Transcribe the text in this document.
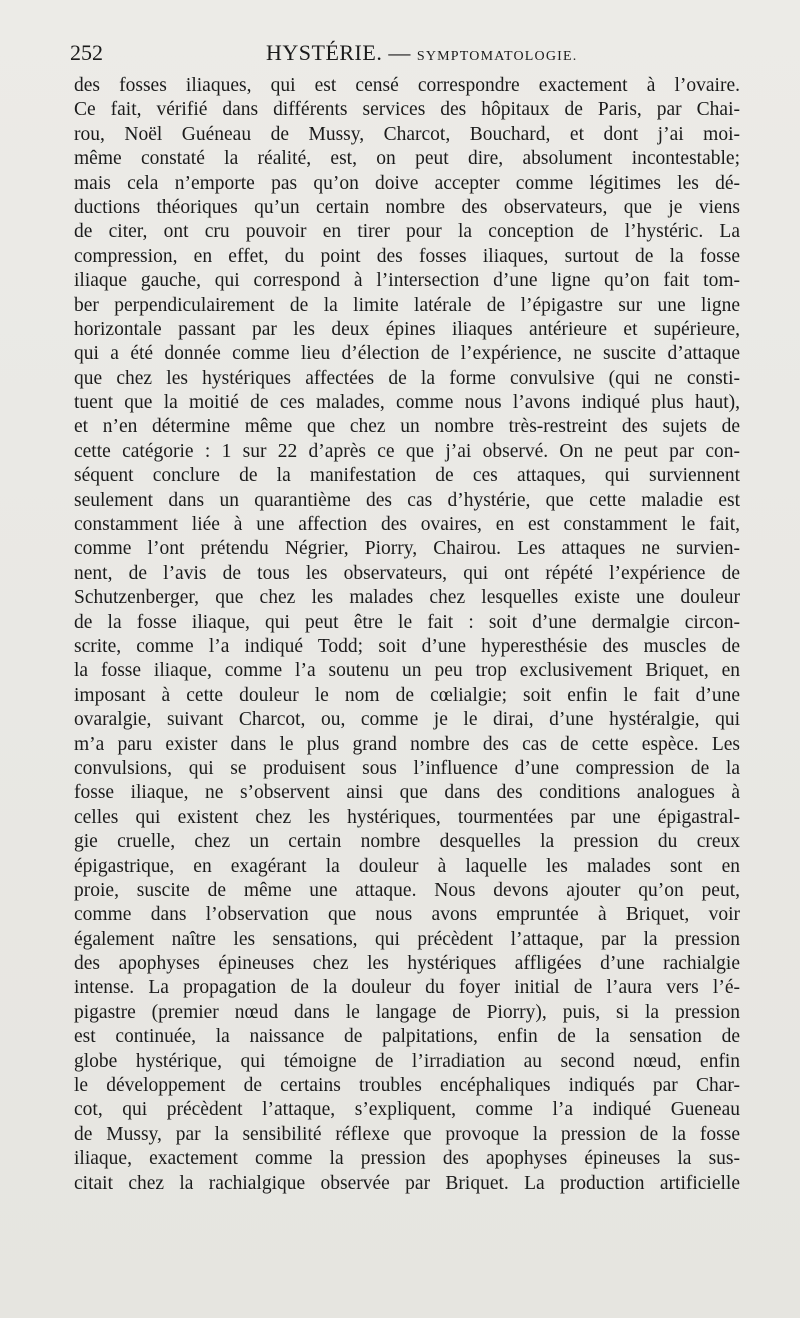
252	HYSTÉRIE. — SYMPTOMATOLOGIE.
des fosses iliaques, qui est censé correspondre exactement à l’ovaire.
Ce fait, vérifié dans différents services des hôpitaux de Paris, par Chai-
rou, Noël Guéneau de Mussy, Charcot, Bouchard, et dont j’ai moi-
même constaté la réalité, est, on peut dire, absolument incontestable;
mais cela n’emporte pas qu’on doive accepter comme légitimes les dé-
ductions théoriques qu’un certain nombre des observateurs, que je viens
de citer, ont cru pouvoir en tirer pour la conception de l’hystéric. La
compression, en effet, du point des fosses iliaques, surtout de la fosse
iliaque gauche, qui correspond à l’intersection d’une ligne qu’on fait tom-
ber perpendiculairement de la limite latérale de l’épigastre sur une ligne
horizontale passant par les deux épines iliaques antérieure et supérieure,
qui a été donnée comme lieu d’élection de l’expérience, ne suscite d’attaque
que chez les hystériques affectées de la forme convulsive (qui ne consti-
tuent que la moitié de ces malades, comme nous l’avons indiqué plus haut),
et n’en détermine même que chez un nombre très-restreint des sujets de
cette catégorie : 1 sur 22 d’après ce que j’ai observé. On ne peut par con-
séquent conclure de la manifestation de ces attaques, qui surviennent
seulement dans un quarantième des cas d’hystérie, que cette maladie est
constamment liée à une affection des ovaires, en est constamment le fait,
comme l’ont prétendu Négrier, Piorry, Chairou. Les attaques ne survien-
nent, de l’avis de tous les observateurs, qui ont répété l’expérience de
Schutzenberger, que chez les malades chez lesquelles existe une douleur
de la fosse iliaque, qui peut être le fait : soit d’une dermalgie circon-
scrite, comme l’a indiqué Todd; soit d’une hyperesthésie des muscles de
la fosse iliaque, comme l’a soutenu un peu trop exclusivement Briquet, en
imposant à cette douleur le nom de cœlialgie; soit enfin le fait d’une
ovaralgie, suivant Charcot, ou, comme je le dirai, d’une hystéralgie, qui
m’a paru exister dans le plus grand nombre des cas de cette espèce. Les
convulsions, qui se produisent sous l’influence d’une compression de la
fosse iliaque, ne s’observent ainsi que dans des conditions analogues à
celles qui existent chez les hystériques, tourmentées par une épigastral-
gie cruelle, chez un certain nombre desquelles la pression du creux
épigastrique, en exagérant la douleur à laquelle les malades sont en
proie, suscite de même une attaque. Nous devons ajouter qu’on peut,
comme dans l’observation que nous avons empruntée à Briquet, voir
également naître les sensations, qui précèdent l’attaque, par la pression
des apophyses épineuses chez les hystériques affligées d’une rachialgie
intense. La propagation de la douleur du foyer initial de l’aura vers l’é-
pigastre (premier nœud dans le langage de Piorry), puis, si la pression
est continuée, la naissance de palpitations, enfin de la sensation de
globe hystérique, qui témoigne de l’irradiation au second nœud, enfin
le développement de certains troubles encéphaliques indiqués par Char-
cot, qui précèdent l’attaque, s’expliquent, comme l’a indiqué Gueneau
de Mussy, par la sensibilité réflexe que provoque la pression de la fosse
iliaque, exactement comme la pression des apophyses épineuses la sus-
citait chez la rachialgique observée par Briquet. La production artificielle
